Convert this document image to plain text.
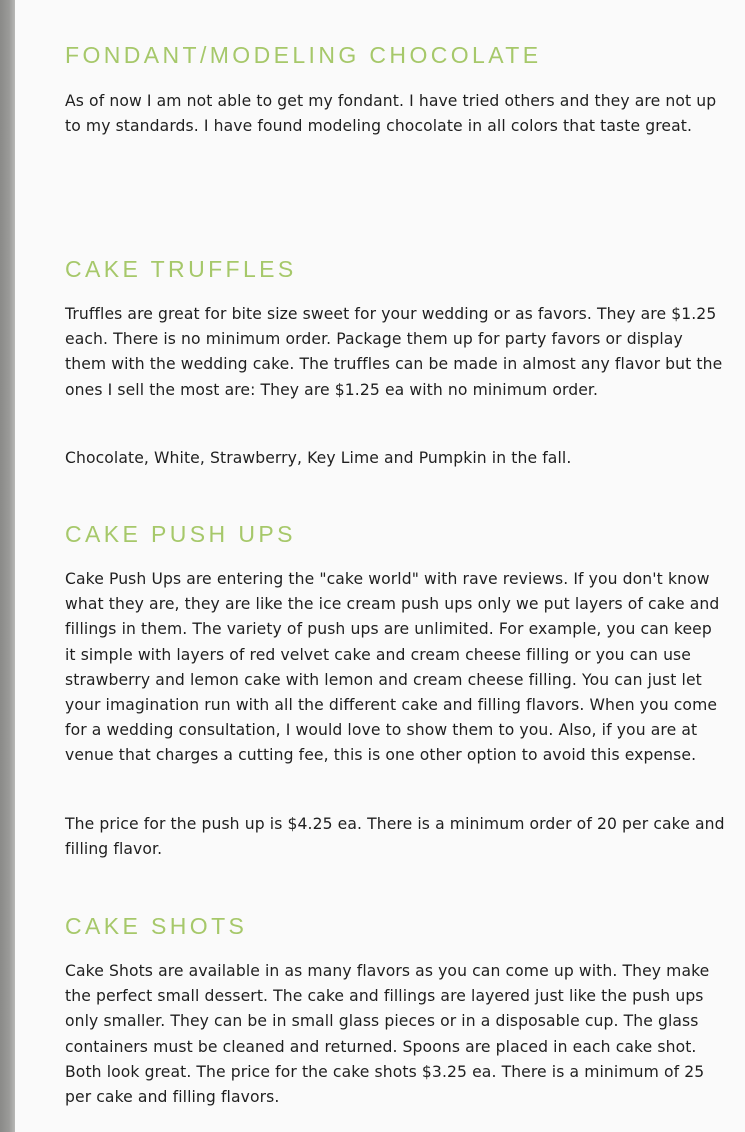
FONDANT/MODELING CHOCOLATE

As of now I am not able to get my fondant. I have tried others and they are not up to my standards. I have found modeling chocolate in all colors that taste great.

CAKE TRUFFLES

Truffles are great for bite size sweet for your wedding or as favors. They are $1.25 each. There is no minimum order. Package them up for party favors or display them with the wedding cake. The truffles can be made in almost any flavor but the ones I sell the most are: They are $1.25 ea with no minimum order.

Chocolate, White, Strawberry, Key Lime and Pumpkin in the fall.

CAKE PUSH UPS

Cake Push Ups are entering the "cake world" with rave reviews. If you don't know what they are, they are like the ice cream push ups only we put layers of cake and fillings in them. The variety of push ups are unlimited. For example, you can keep it simple with layers of red velvet cake and cream cheese filling or you can use strawberry and lemon cake with lemon and cream cheese filling. You can just let your imagination run with all the different cake and filling flavors. When you come for a wedding consultation, I would love to show them to you. Also, if you are at venue that charges a cutting fee, this is one other option to avoid this expense.

The price for the push up is $4.25 ea. There is a minimum order of 20 per cake and filling flavor.

CAKE SHOTS

Cake Shots are available in as many flavors as you can come up with. They make the perfect small dessert. The cake and fillings are layered just like the push ups only smaller. They can be in small glass pieces or in a disposable cup. The glass containers must be cleaned and returned. Spoons are placed in each cake shot. Both look great. The price for the cake shots $3.25 ea. There is a minimum of 25 per cake and filling flavors.
